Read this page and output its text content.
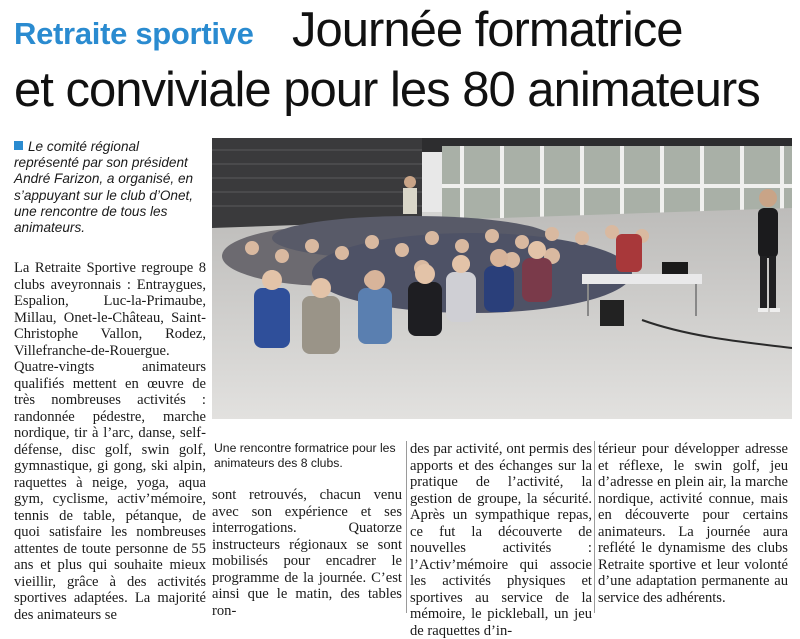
Retraite sportive Journée formatrice
et conviviale pour les 80 animateurs
Le comité régional représenté par son président André Farizon, a organisé, en s’appuyant sur le club d’Onet, une rencontre de tous les animateurs.
Une rencontre formatrice pour les animateurs des 8 clubs.
La Retraite Sportive regroupe 8 clubs aveyronnais : Entraygues, Espalion, Luc-la-Primaube, Millau, Onet-le-Château, Saint-Christophe Vallon, Rodez, Villefranche-de-Rouergue. Quatre-vingts animateurs qualifiés mettent en œuvre de très nombreuses activités : randonnée pédestre, marche nordique, tir à l’arc, danse, self-défense, disc golf, swin golf, gymnastique, gi gong, ski alpin, raquettes à neige, yoga, aqua gym, cyclisme, activ’mémoire, tennis de table, pétanque, de quoi satisfaire les nombreuses attentes de toute personne de 55 ans et plus qui souhaite mieux vieillir, grâce à des activités sportives adaptées. La majorité des animateurs se
sont retrouvés, chacun venu avec son expérience et ses interrogations. Quatorze instructeurs régionaux se sont mobilisés pour encadrer le programme de la journée. C’est ainsi que le matin, des tables ron-
des par activité, ont permis des apports et des échanges sur la pratique de l’activité, la gestion de groupe, la sécurité. Après un sympathique repas, ce fut la découverte de nouvelles activités : l’Activ’mémoire qui associe les activités physiques et sportives au service de la mémoire, le pickleball, un jeu de raquettes d’in-
térieur pour développer adresse et réflexe, le swin golf, jeu d’adresse en plein air, la marche nordique, activité connue, mais en découverte pour certains animateurs. La journée aura reflété le dynamisme des clubs Retraite sportive et leur volonté d’une adaptation permanente au service des adhérents.
